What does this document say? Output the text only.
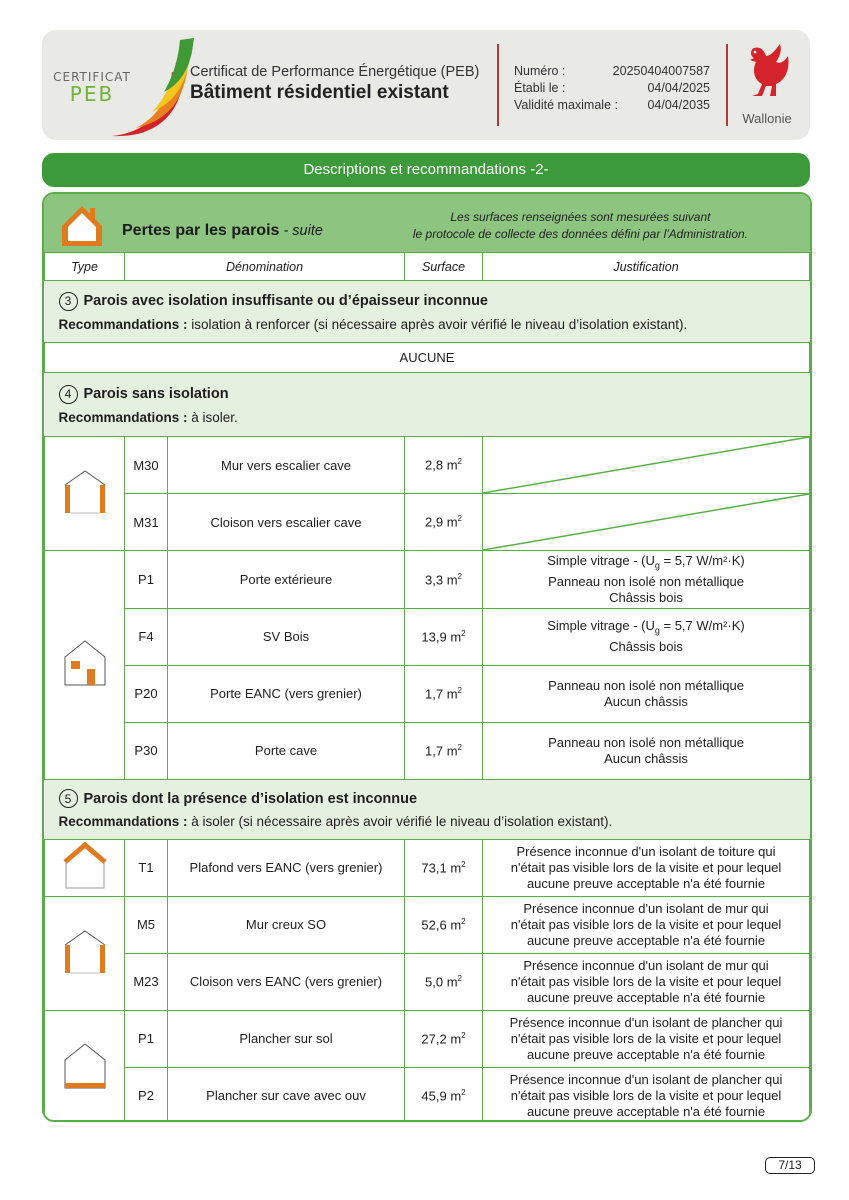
CERTIFICAT
PEB
Certificat de Performance Énergétique (PEB)
Bâtiment résidentiel existant
Numéro :	20250404007587
Établi le :	04/04/2025
Validité maximale : 04/04/2035
Wallonie
Descriptions et recommandations -2-
Pertes par les parois - suite
Les surfaces renseignées sont mesurées suivant
le protocole de collecte des données défini par l'Administration.
Type	Dénomination		Surface	Justification

3 Parois avec isolation insuffisante ou d’épaisseur inconnue
Recommandations : isolation à renforcer (si nécessaire après avoir vérifié le niveau d’isolation existant).				

AUCUNE				

4 Parois sans isolation
Recommandations : à isoler.				

	M30	Mur vers escalier cave	2,8 $m^2$	

	M31	Cloison vers escalier cave	2,9 $m^2$	

	P1	Porte extérieure	3,3 $m^2$	Simple vitrage - ($U_g = 5,7$ W/m²·K)
Panneau non isolé non métallique
Châssis bois

	F4	SV Bois	13,9 $m^2$	Simple vitrage - ($U_g = 5,7$ W/m²·K)
Châssis bois

	P20	Porte EANC (vers grenier)	1,7 $m^2$	Panneau non isolé non métallique
Aucun châssis

	P30	Porte cave	1,7 $m^2$	Panneau non isolé non métallique
Aucun châssis

5 Parois dont la présence d’isolation est inconnue
Recommandations : à isoler (si nécessaire après avoir vérifié le niveau d’isolation existant).				

	T1	Plafond vers EANC (vers grenier)	73,1 $m^2$	Présence inconnue d'un isolant de toiture qui
n'était pas visible lors de la visite et pour lequel
aucune preuve acceptable n'a été fournie

	M5	Mur creux SO	52,6 $m^2$	Présence inconnue d'un isolant de mur qui
n'était pas visible lors de la visite et pour lequel
aucune preuve acceptable n'a été fournie

	M23	Cloison vers EANC (vers grenier)	5,0 $m^2$	Présence inconnue d'un isolant de mur qui
n'était pas visible lors de la visite et pour lequel
aucune preuve acceptable n'a été fournie

	P1	Plancher sur sol	27,2 $m^2$	Présence inconnue d'un isolant de plancher qui
n'était pas visible lors de la visite et pour lequel
aucune preuve acceptable n'a été fournie

	P2	Plancher sur cave avec ouv	45,9 $m^2$	Présence inconnue d'un isolant de plancher qui
n'était pas visible lors de la visite et pour lequel
aucune preuve acceptable n'a été fournie
7/13
